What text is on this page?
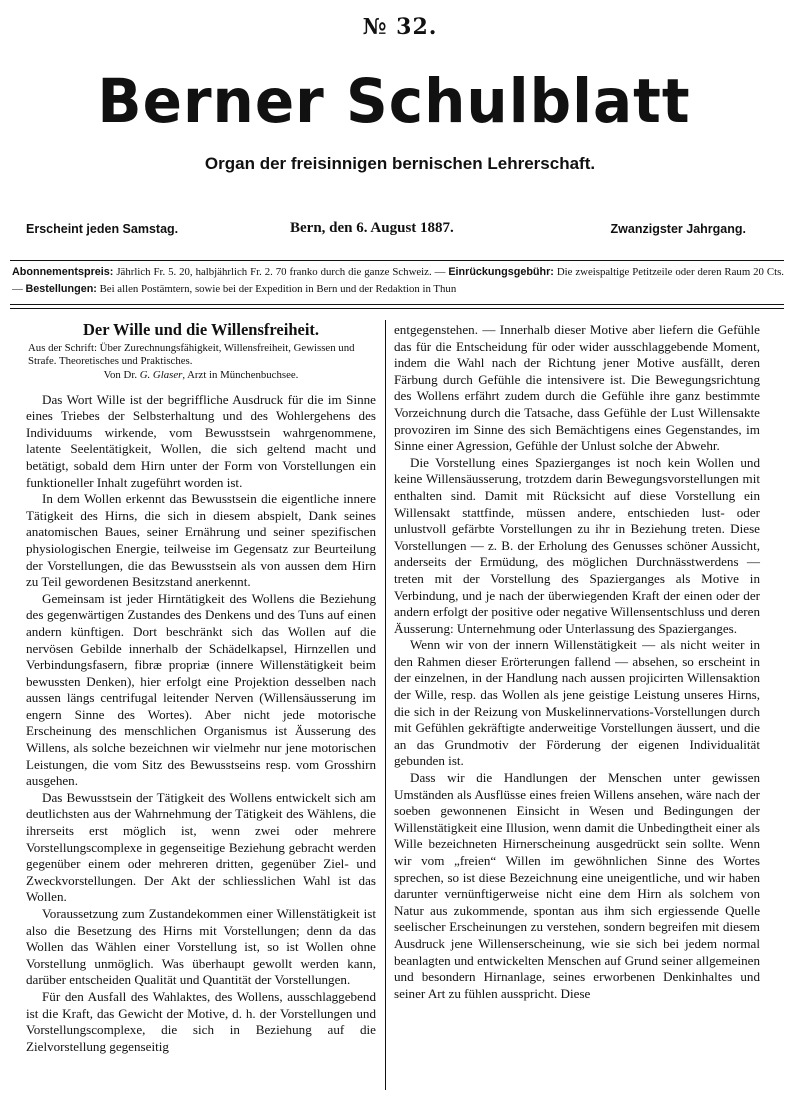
№ 32.
Berner Schulblatt
Organ der freisinnigen bernischen Lehrerschaft.
Erscheint jeden Samstag.	Bern, den 6. August 1887.	Zwanzigster Jahrgang.
Abonnementspreis: Jährlich Fr. 5. 20, halbjährlich Fr. 2. 70 franko durch die ganze Schweiz. — Einrückungsgebühr: Die zweispaltige Petitzeile oder deren Raum 20 Cts. — Bestellungen: Bei allen Postämtern, sowie bei der Expedition in Bern und der Redaktion in Thun
Der Wille und die Willensfreiheit.
Aus der Schrift: Über Zurechnungsfähigkeit, Willensfreiheit, Gewissen und Strafe. Theoretisches und Praktisches.
Von Dr. G. Glaser, Arzt in Münchenbuchsee.

Das Wort Wille ist der begriffliche Ausdruck für die im Sinne eines Triebes der Selbsterhaltung und des Wohlergehens des Individuums wirkende, vom Bewusstsein wahrgenommene, latente Seelentätigkeit, Wollen, die sich geltend macht und betätigt, sobald dem Hirn unter der Form von Vorstellungen ein funktioneller Inhalt zugeführt worden ist.

In dem Wollen erkennt das Bewusstsein die eigentliche innere Tätigkeit des Hirns, die sich in diesem abspielt, Dank seines anatomischen Baues, seiner Ernährung und seiner spezifischen physiologischen Energie, teilweise im Gegensatz zur Beurteilung der Vorstellungen, die das Bewusstsein als von aussen dem Hirn zu Teil gewordenen Besitzstand anerkennt.

Gemeinsam ist jeder Hirntätigkeit des Wollens die Beziehung des gegenwärtigen Zustandes des Denkens und des Tuns auf einen andern künftigen. Dort beschränkt sich das Wollen auf die nervösen Gebilde innerhalb der Schädelkapsel, Hirnzellen und Verbindungsfasern, fibræ propriæ (innere Willenstätigkeit beim bewussten Denken), hier erfolgt eine Projektion desselben nach aussen längs centrifugal leitender Nerven (Willensäusserung im engern Sinne des Wortes). Aber nicht jede motorische Erscheinung des menschlichen Organismus ist Äusserung des Willens, als solche bezeichnen wir vielmehr nur jene motorischen Leistungen, die vom Sitz des Bewusstseins resp. vom Grosshirn ausgehen.

Das Bewusstsein der Tätigkeit des Wollens entwickelt sich am deutlichsten aus der Wahrnehmung der Tätigkeit des Wählens, die ihrerseits erst möglich ist, wenn zwei oder mehrere Vorstellungscomplexe in gegenseitige Beziehung gebracht werden gegenüber einem oder mehreren dritten, gegenüber Ziel- und Zweckvorstellungen. Der Akt der schliesslichen Wahl ist das Wollen.

Voraussetzung zum Zustandekommen einer Willenstätigkeit ist also die Besetzung des Hirns mit Vorstellungen; denn da das Wollen das Wählen einer Vorstellung ist, so ist Wollen ohne Vorstellung unmöglich. Was überhaupt gewollt werden kann, darüber entscheiden Qualität und Quantität der Vorstellungen.

Für den Ausfall des Wahlaktes, des Wollens, ausschlaggebend ist die Kraft, das Gewicht der Motive, d. h. der Vorstellungen und Vorstellungscomplexe, die sich in Beziehung auf die Zielvorstellung gegenseitig

entgegenstehen. — Innerhalb dieser Motive aber liefern die Gefühle das für die Entscheidung für oder wider ausschlaggebende Moment, indem die Wahl nach der Richtung jener Motive ausfällt, deren Färbung durch Gefühle die intensivere ist. Die Bewegungsrichtung des Wollens erfährt zudem durch die Gefühle ihre ganz bestimmte Vorzeichnung durch die Tatsache, dass Gefühle der Lust Willensakte provoziren im Sinne des sich Bemächtigens eines Gegenstandes, im Sinne einer Agression, Gefühle der Unlust solche der Abwehr.

Die Vorstellung eines Spazierganges ist noch kein Wollen und keine Willensäusserung, trotzdem darin Bewegungsvorstellungen mit enthalten sind. Damit mit Rücksicht auf diese Vorstellung ein Willensakt stattfinde, müssen andere, entschieden lust- oder unlustvoll gefärbte Vorstellungen zu ihr in Beziehung treten. Diese Vorstellungen — z. B. der Erholung des Genusses schöner Aussicht, anderseits der Ermüdung, des möglichen Durchnässtwerdens — treten mit der Vorstellung des Spazierganges als Motive in Verbindung, und je nach der überwiegenden Kraft der einen oder der andern erfolgt der positive oder negative Willensentschluss und deren Äusserung: Unternehmung oder Unterlassung des Spazierganges.

Wenn wir von der innern Willenstätigkeit — als nicht weiter in den Rahmen dieser Erörterungen fallend — absehen, so erscheint in der einzelnen, in der Handlung nach aussen projicirten Willensaktion der Wille, resp. das Wollen als jene geistige Leistung unseres Hirns, die sich in der Reizung von Muskelinnervations-Vorstellungen durch mit Gefühlen gekräftigte anderweitige Vorstellungen äussert, und die an das Grundmotiv der Förderung der eigenen Individualität gebunden ist.

Dass wir die Handlungen der Menschen unter gewissen Umständen als Ausflüsse eines freien Willens ansehen, wäre nach der soeben gewonnenen Einsicht in Wesen und Bedingungen der Willenstätigkeit eine Illusion, wenn damit die Unbedingtheit einer als Wille bezeichneten Hirnerscheinung ausgedrückt sein sollte. Wenn wir vom „freien“ Willen im gewöhnlichen Sinne des Wortes sprechen, so ist diese Bezeichnung eine uneigentliche, und wir haben darunter vernünftigerweise nicht eine dem Hirn als solchem von Natur aus zukommende, spontan aus ihm sich ergiessende Quelle seelischer Erscheinungen zu verstehen, sondern begreifen mit diesem Ausdruck jene Willenserscheinung, wie sie sich bei jedem normal beanlagten und entwickelten Menschen auf Grund seiner allgemeinen und besondern Hirnanlage, seines erworbenen Denkinhaltes und seiner Art zu fühlen ausspricht. Diese
